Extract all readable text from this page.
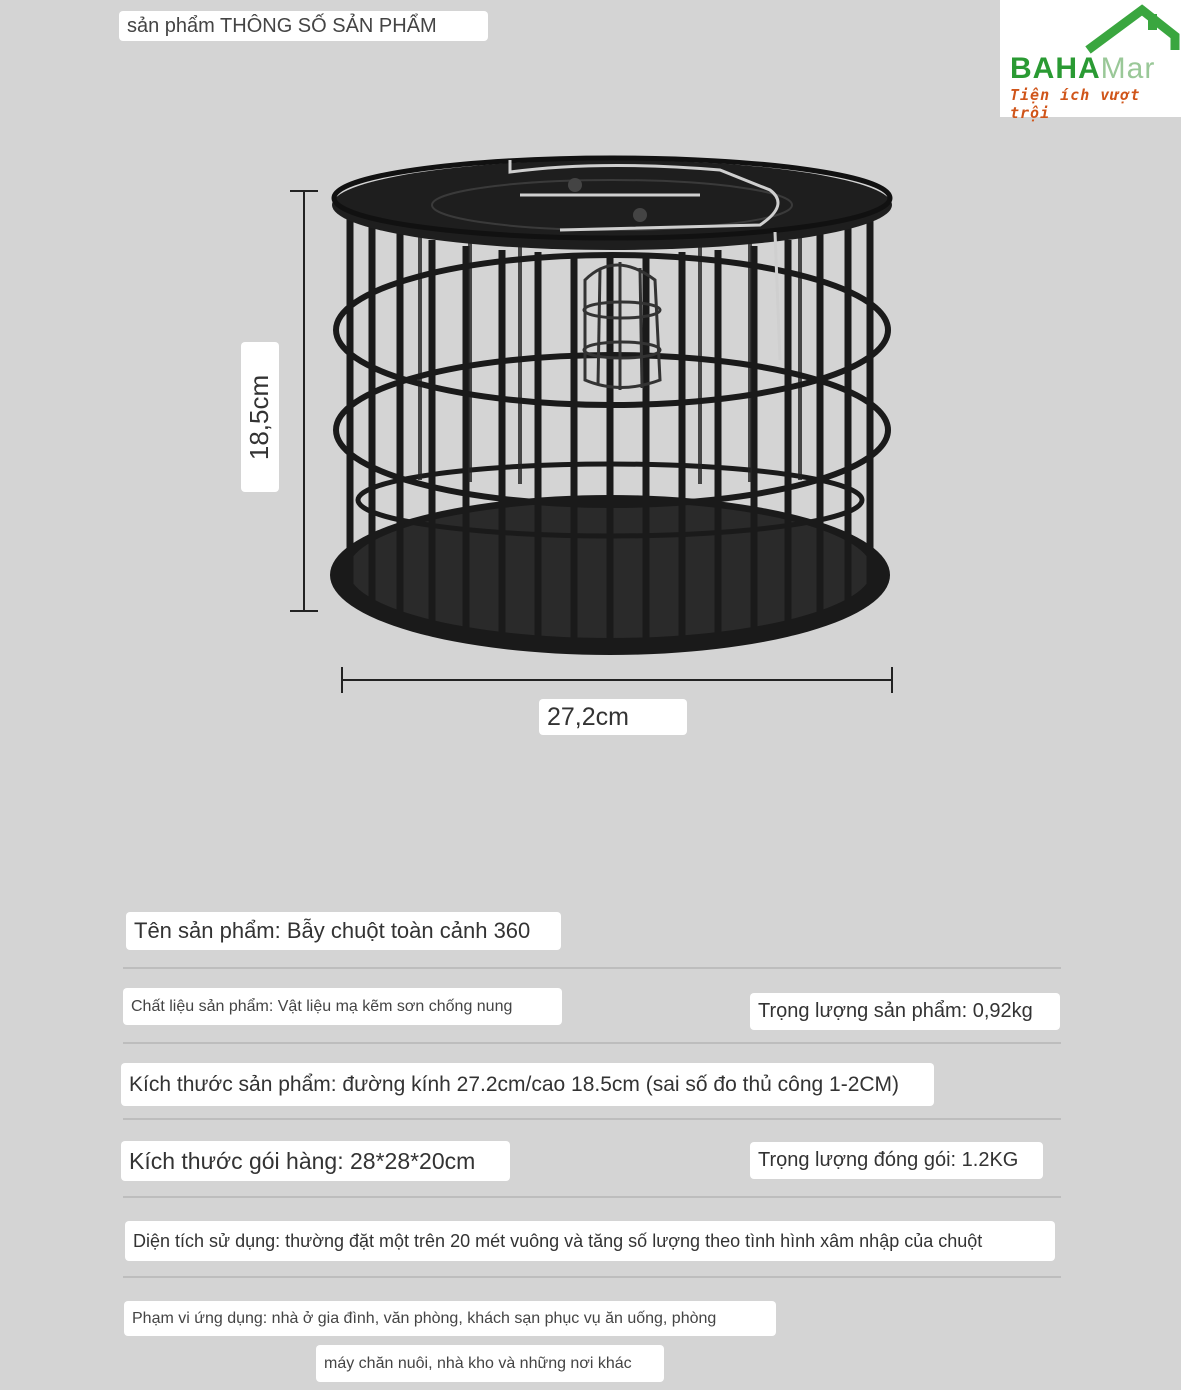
sản phẩm THÔNG SỐ SẢN PHẨM
BAHAMar
Tiện ích vượt trội
18,5cm
27,2cm
Tên sản phẩm: Bẫy chuột toàn cảnh 360
Chất liệu sản phẩm: Vật liệu mạ kẽm sơn chống nung	Trọng lượng sản phẩm: 0,92kg
Kích thước sản phẩm: đường kính 27.2cm/cao 18.5cm (sai số đo thủ công 1-2CM)
Kích thước gói hàng: 28*28*20cm	Trọng lượng đóng gói: 1.2KG
Diện tích sử dụng: thường đặt một trên 20 mét vuông và tăng số lượng theo tình hình xâm nhập của chuột
Phạm vi ứng dụng: nhà ở gia đình, văn phòng, khách sạn phục vụ ăn uống, phòng
máy chăn nuôi, nhà kho và những nơi khác
